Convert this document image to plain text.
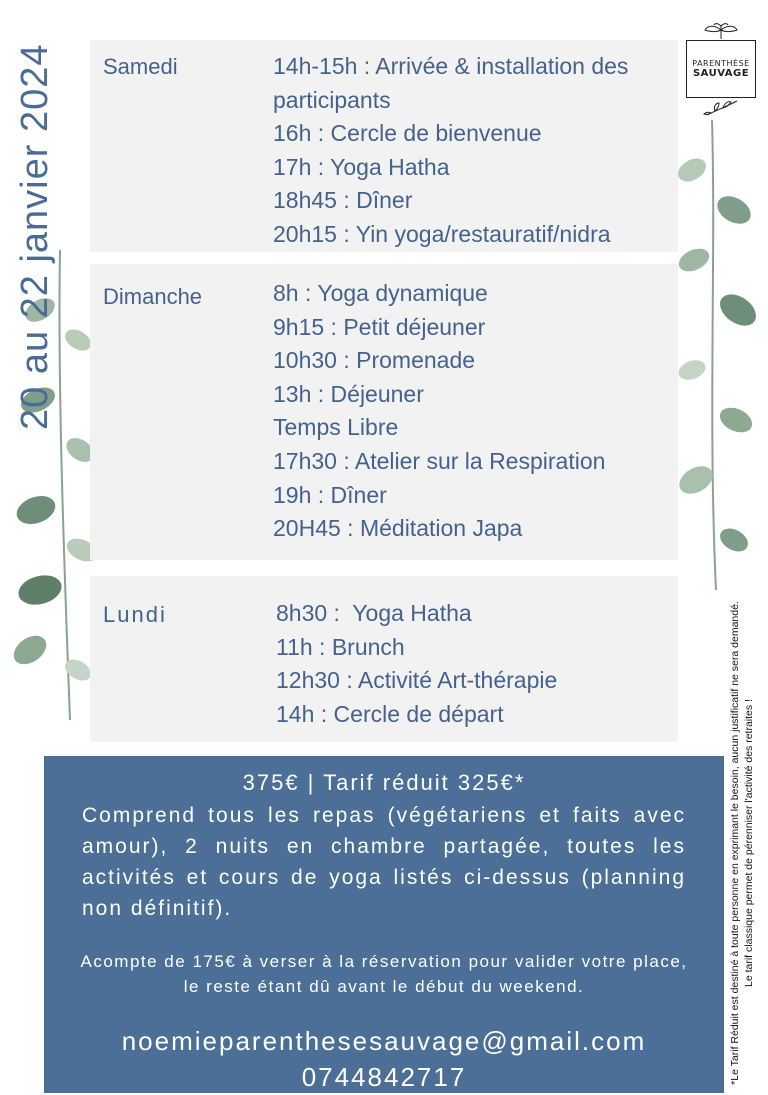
20 au 22 janvier 2024	PARENTHÈSE
SAUVAGE
Samedi	14h-15h : Arrivée & installation des
participants
16h : Cercle de bienvenue
17h : Yoga Hatha
18h45 : Dîner
20h15 : Yin yoga/restauratif/nidra
Dimanche	8h : Yoga dynamique
9h15 : Petit déjeuner
10h30 : Promenade
13h : Déjeuner
Temps Libre
17h30 : Atelier sur la Respiration
19h : Dîner
20H45 : Méditation Japa
Lundi	8h30 :  Yoga Hatha
11h : Brunch
12h30 : Activité Art-thérapie
14h : Cercle de départ
375€ | Tarif réduit 325€*
Comprend tous les repas (végétariens et faits avec amour), 2 nuits en chambre partagée, toutes les activités et cours de yoga listés ci-dessus (planning non définitif).
Acompte de 175€ à verser à la réservation pour valider votre place, le reste étant dû avant le début du weekend.
noemieparenthesesauvage@gmail.com
0744842717	*Le Tarif Réduit est destiné à toute personne en exprimant le besoin, aucun justificatif ne sera demandé. Le tarif classique permet de pérenniser l'activité des retraites !
